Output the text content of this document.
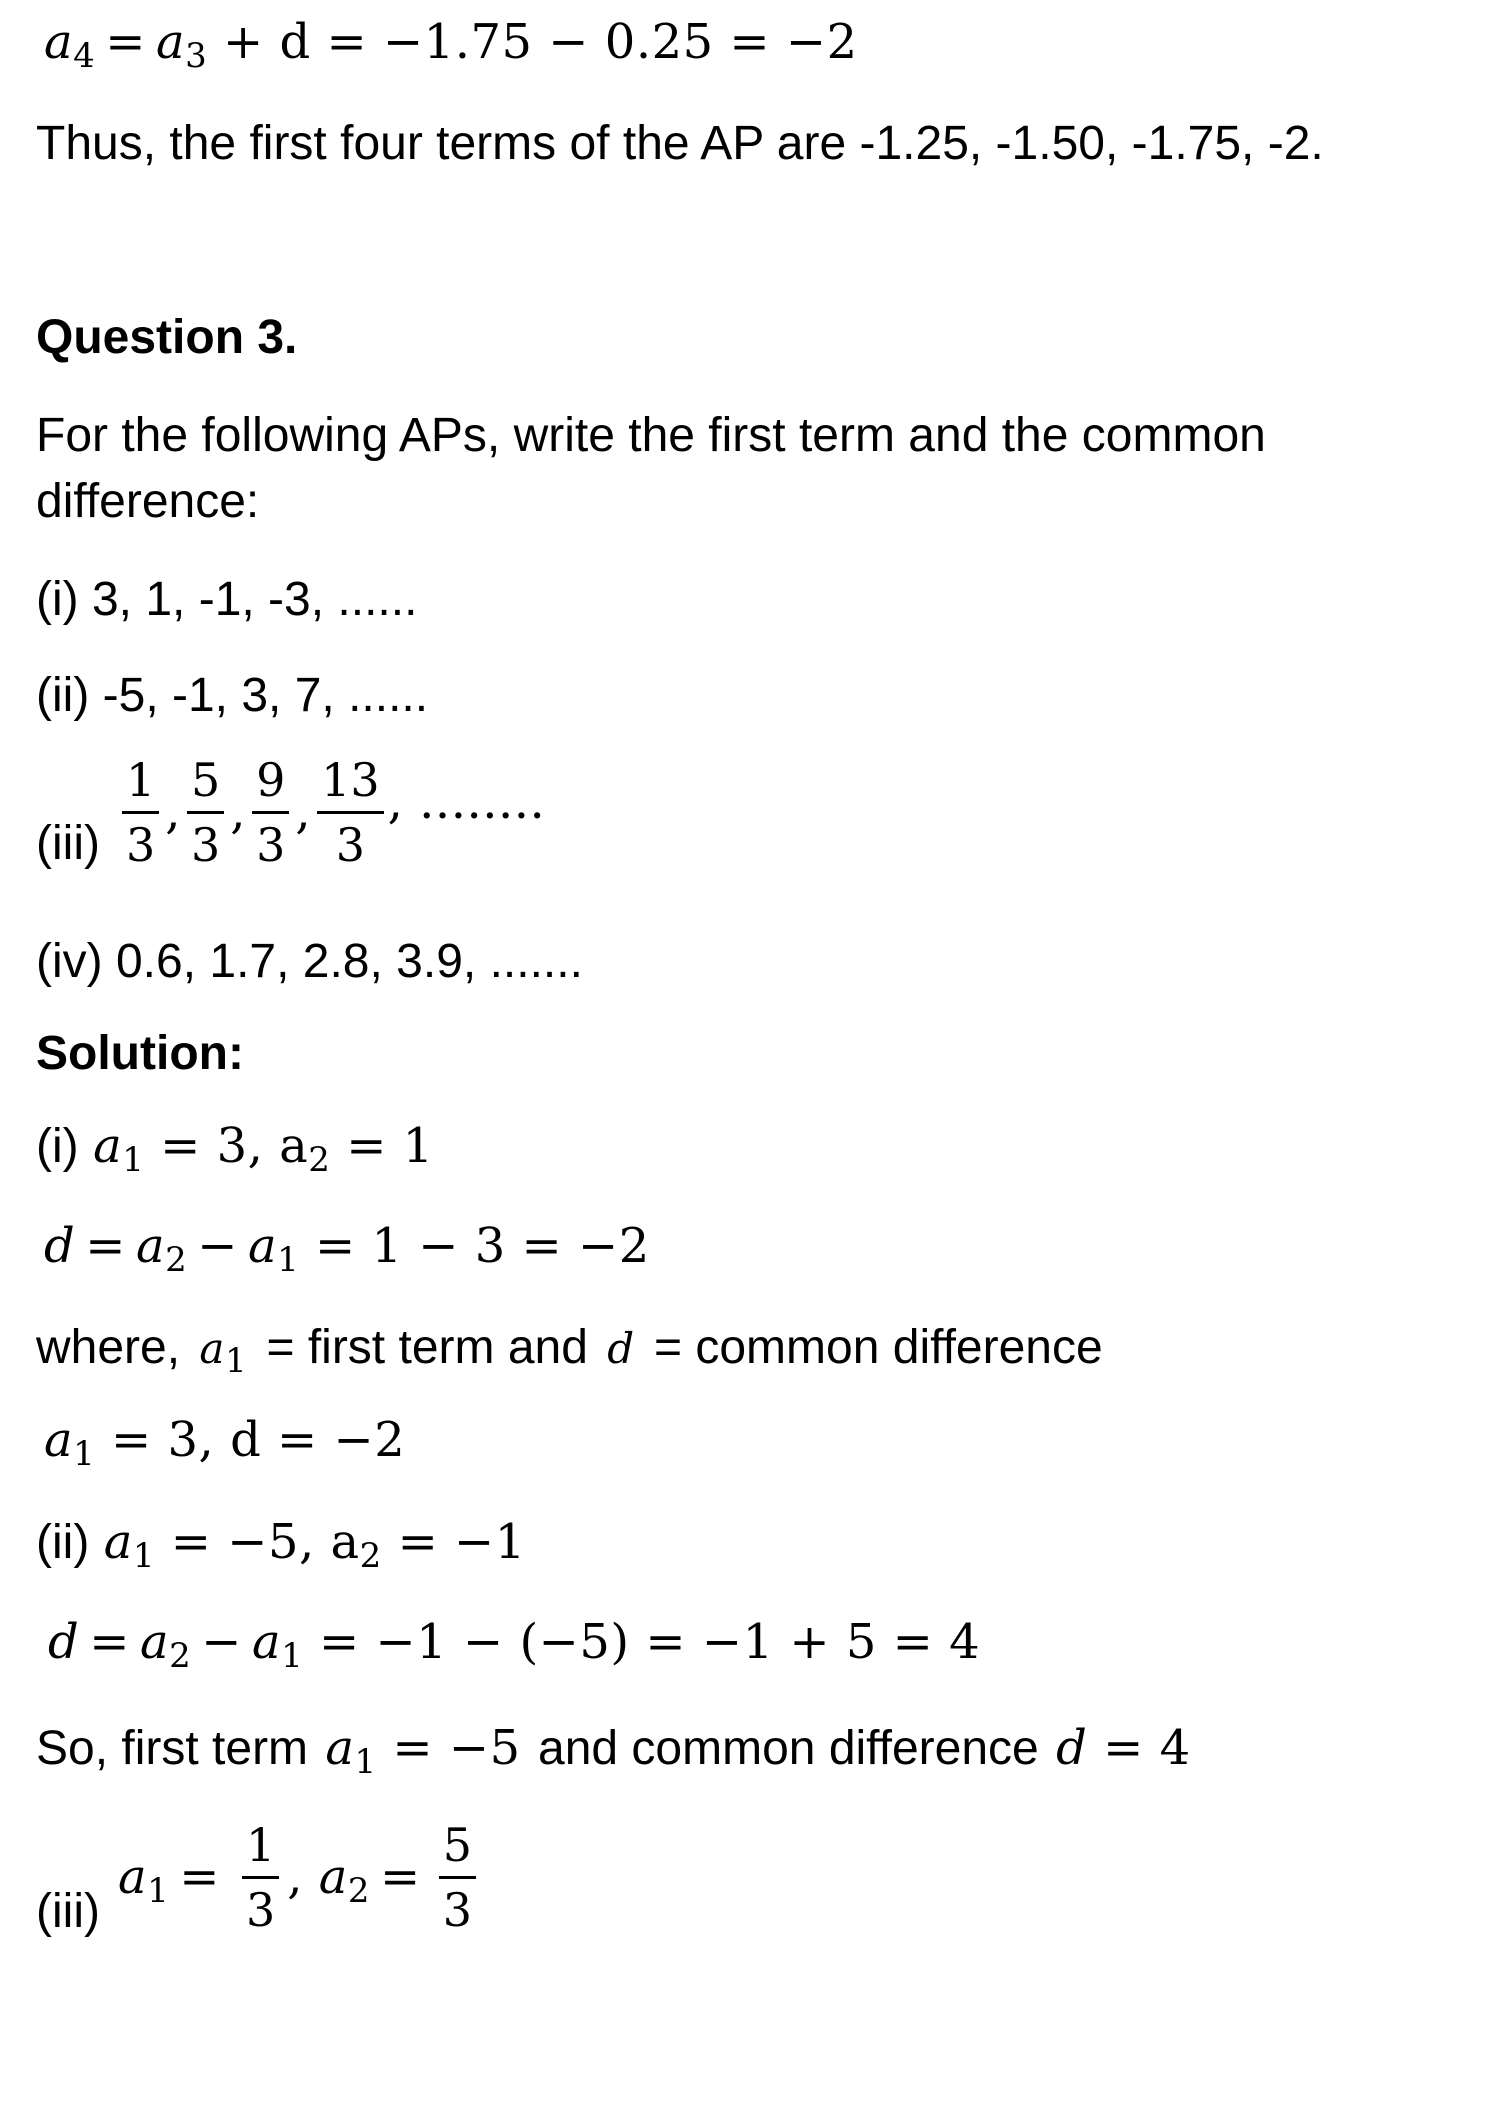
$a_4 = a_3 + d = -1.75 - 0.25 = -2$
Thus, the first four terms of the AP are -1.25, -1.50, -1.75, -2.
Question 3.
For the following APs, write the first term and the common
difference:
(i) 3, 1, -1, -3, ......
(ii) -5, -1, 3, 7, ......
$(iii) \frac{1}{3}$ , $\frac{5}{3}$ , $\frac{9}{3}$ , $\frac{13}{3}$ , ........
(iv) 0.6, 1.7, 2.8, 3.9, .......
Solution:
(i) $a_1 = 3$, $a_2 = 1$
$d = a_2 - a_1 = 1 - 3 = -2$
where, $a_1$ = first term and d = common difference
$a_1 = 3$, d = −2
(ii) $a_1 = -5$, $a_2 = -1$
$d = a_2 - a_1 = -1 - (-5) = -1 + 5 = 4$
So, first term $a_1 = -5$ and common difference d = 4
(iii)
$a_1 = \frac{1}{3}$ , $a_2 = \frac{5}{3}$
